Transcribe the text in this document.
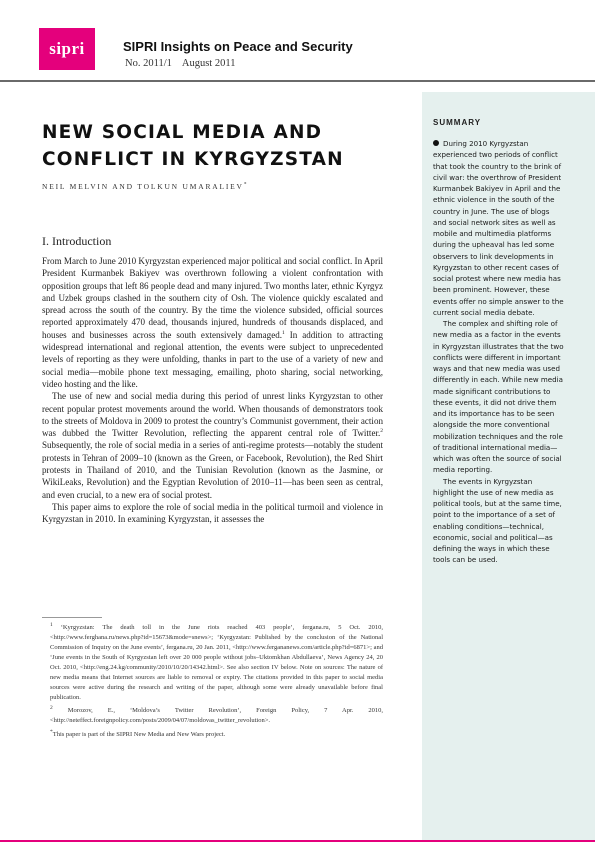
sipri	SIPRI Insights on Peace and Security
No. 2011/1 August 2011
SUMMARY

During 2010 Kyrgyzstan experienced two periods of conflict that took the country to the brink of civil war: the overthrow of President Kurmanbek Bakiyev in April and the ethnic violence in the south of the country in June. The use of blogs and social network sites as well as mobile and multimedia platforms during the upheaval has led some observers to link developments in Kyrgyzstan to other recent cases of social protest where new media has been prominent. However, these events offer no simple answer to the current social media debate.

The complex and shifting role of new media as a factor in the events in Kyrgyzstan illustrates that the two conflicts were different in important ways and that new media was used differently in each. While new media made significant contributions to these events, it did not drive them and its importance has to be seen alongside the more conventional mobilization techniques and the role of traditional international media—which was often the source of social media reporting.

The events in Kyrgyzstan highlight the use of new media as political tools, but at the same time, point to the importance of a set of enabling conditions—technical, economic, social and political—as defining the ways in which these tools can be used.

NEW SOCIAL MEDIA AND CONFLICT IN KYRGYZSTAN
NEIL MELVIN AND TOLKUN UMARALIEV*
I. Introduction

From March to June 2010 Kyrgyzstan experienced major political and social conflict. In April President Kurmanbek Bakiyev was overthrown following a violent confrontation with opposition groups that left 86 people dead and many injured. Two months later, ethnic Kyrgyz and Uzbek groups clashed in the southern city of Osh. The violence quickly escalated and spread across the south of the country. By the time the violence subsided, official sources reported approximately 470 dead, thousands injured, hundreds of thousands displaced, and houses and businesses across the south extensively damaged.$^1$ In addition to attracting widespread international and regional attention, the events were subject to unprecedented levels of reporting as they were unfolding, thanks in part to the use of a variety of new and social media—mobile phone text messaging, emailing, photo sharing, social networking, video hosting and the like.

The use of new and social media during this period of unrest links Kyrgyzstan to other recent popular protest movements around the world. When thousands of demonstrators took to the streets of Moldova in 2009 to protest the country’s Communist government, their action was dubbed the Twitter Revolution, reflecting the apparent central role of Twitter.$^2$ Subsequently, the role of social media in a series of anti-regime protests—notably the student protests in Tehran of 2009–10 (known as the Green, or Facebook, Revolution), the Red Shirt protests in Thailand of 2010, and the Tunisian Revolution (known as the Jasmine, or WikiLeaks, Revolution) and the Egyptian Revolution of 2010–11—has been seen as central, and even crucial, to a new era of social protest.

This paper aims to explore the role of social media in the political turmoil and violence in Kyrgyzstan in 2010. In examining Kyrgyzstan, it assesses the

$^1$ ‘Kyrgyzstan: The death toll in the June riots reached 403 people’, fergana.ru, 5 Oct. 2010, <http://www.ferghana.ru/news.php?id=15673&mode=snews>; ‘Kyrgyzstan: Published by the conclusion of the National Commission of Inquiry on the June events’, fergana.ru, 20 Jan. 2011, <http://www.fergananews.com/article.php?id=6871>; and ‘June events in the South of Kyrgyzstan left over 20 000 people without jobs–Uktomkhan Abdullaeva’, News Agency 24, 20 Oct. 2010, <http://eng.24.kg/community/2010/10/20/14342.html>. See also section IV below. Note on sources: The nature of new media means that Internet sources are liable to removal or expiry. The citations provided in this paper to social media sources were active during the research and writing of the paper, although some were already unavailable before final publication.

$^2$ Morozov, E., ‘Moldova’s Twitter Revolution’, Foreign Policy, 7 Apr. 2010, <http://neteffect.foreignpolicy.com/posts/2009/04/07/moldovas_twitter_revolution>.

*This paper is part of the SIPRI New Media and New Wars project.
